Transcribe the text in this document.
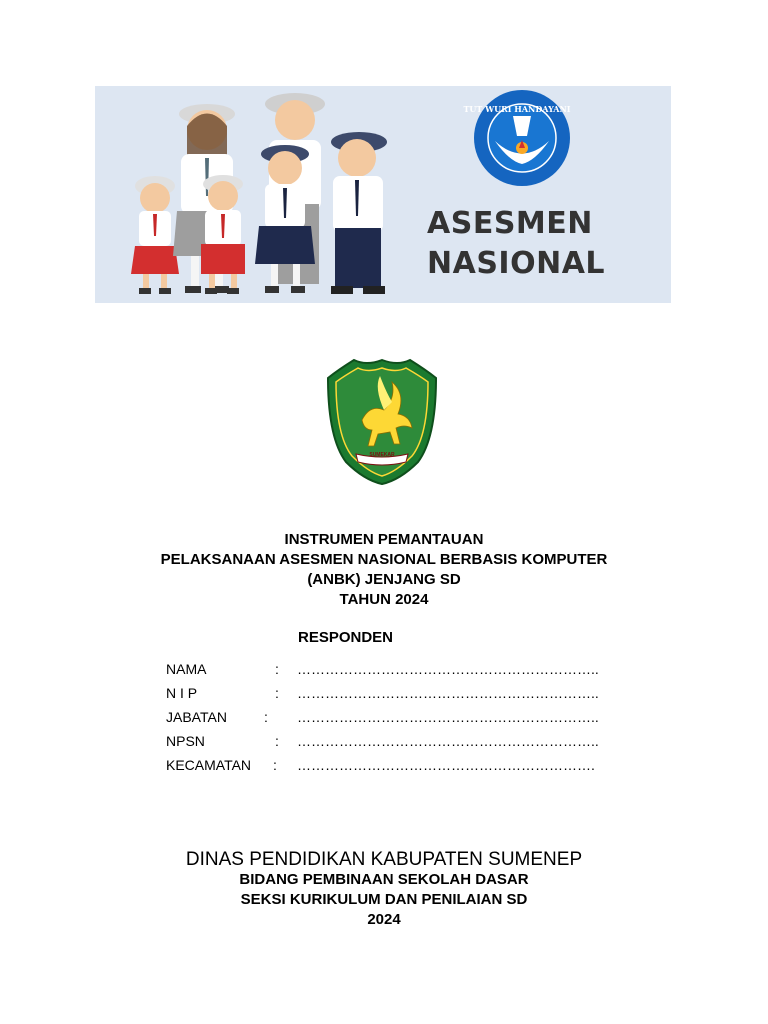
TUT WURI HANDAYANI
ASESMEN
NASIONAL
SUMEKAR
INSTRUMEN PEMANTAUAN
PELAKSANAAN ASESMEN NASIONAL BERBASIS KOMPUTER
(ANBK) JENJANG SD
TAHUN 2024
RESPONDEN
NAMA	: ………………………………………………………..
N I P	: ………………………………………………………..
JABATAN	: ………………………………………………………..
NPSN	: ………………………………………………………..
KECAMATAN : ……………………………………………………….
DINAS PENDIDIKAN KABUPATEN SUMENEP
BIDANG PEMBINAAN SEKOLAH DASAR
SEKSI KURIKULUM DAN PENILAIAN SD
2024
